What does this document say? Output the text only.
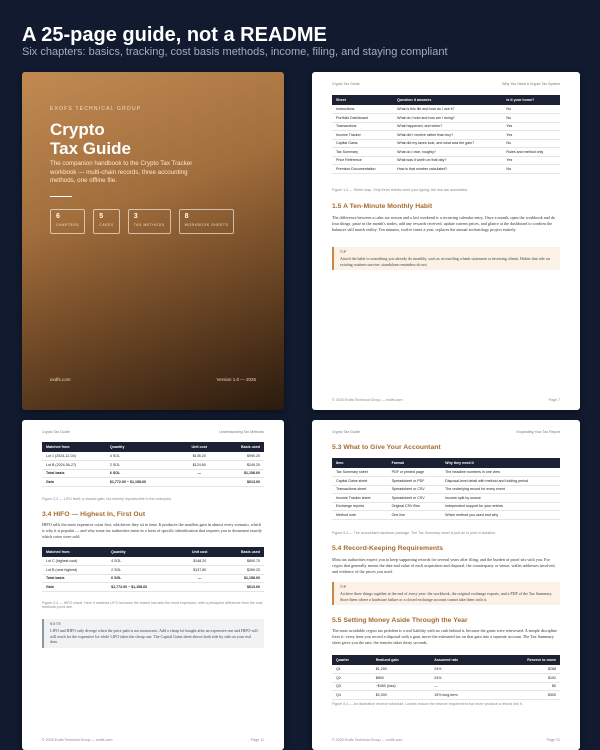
A 25-page guide, not a README
Six chapters: basics, tracking, cost basis methods, income, filing, and staying compliant
EXOFS TECHNICAL GROUP
Crypto
Tax Guide
The companion handbook to the Crypto Tax Tracker workbook — multi-chain records, three accounting methods, one offline file.
6
CHAPTERS
5
CASES
3
TAX METHODS
8
WORKBOOK SHEETS
exdfs.com	Version 1.0 — 2025
Crypto Tax Guide	Why You Need a Crypto Tax System
Sheet	Question it answers	Is it your home?
Instructions	What is this file and how do I use it?	No
Portfolio Dashboard	What do I hold and how am I doing?	No
Transactions	What happened, and when?	Yes
Income Tracker	What did I receive rather than buy?	Yes
Capital Gains	What did my taxes look, and what was the gain?	No
Tax Summary	What do I owe, roughly?	Rules and method only
Price Reference	What was it worth on that day?	Yes
Premium Documentation	How is that number calculated?	No
Figure 1.3 — Sheet map. Only three sheets need your typing; the rest are automated.
1.5 A Ten-Minute Monthly Habit
The difference between a calm tax season and a lost weekend is a recurring calendar entry. Once a month, open the workbook and do four things: paste in the month's trades, add any rewards received, update current prices, and glance at the dashboard to confirm the balances still match reality. Ten minutes, twelve times a year, replaces the annual archaeology project entirely.
TIP
Attach the habit to something you already do monthly, such as reconciling a bank statement or investing clients. Habits that ride on existing routines survive; standalone reminders do not.
© 2026 Exdfs Technical Group — exdfs.com	Page 7
Crypto Tax Guide	Understanding Tax Methods
Matched from	Quantity	Unit cost	Basis used
Lot 1 (2024-12-04)	4 SOL	$145.20	$990.20
Lot B (2024-06-27)	2 SOL	$124.60	$249.20
Total basis	6 SOL	—	$1,158.60
Gain	$1,772.00 − $1,158.60		$613.60
Figure 3.3 — LIFO itself: a chaotic gain, but entirely reproducible in the examples.
3.4 HIFO — Highest In, First Out
HIFO sells the most expensive coins first, whichever they sit in time. It produces the smallest gain in almost every scenario, which is why it is popular — and why some tax authorities insist in a form of specific identification that requires you to document exactly which coins were sold.
Matched from	Quantity	Unit cost	Basis used
Lot C (highest cost)	4 SOL	$148.20	$890.70
Lot B (next highest)	2 SOL	$137.80	$269.20
Total basis	6 SOL	—	$1,158.60
Gain	$1,772.00 − $1,158.60		$613.60
Figure 3.4 — HIFO result. Here it matches LIFO because the lowest lots also the most expensive, with a principled difference from the cost methods you'd see.
NOTE
LIFO and HIFO only diverge when the price path is not monotonic. Add a cheap lot bought after an expensive one and HIFO will still reach for the expensive lot while LIFO takes the cheap one. The Capital Gains sheet shows both side by side on your real data.
© 2026 Exdfs Technical Group — exdfs.com	Page 11
Crypto Tax Guide	Expanding Your Tax Report
5.3 What to Give Your Accountant
Item	Format	Why they need it
Tax Summary sheet	PDF or printed page	The headline numbers in one view
Capital Gains sheet	Spreadsheet or PDF	Disposal-level detail with method and holding period
Transactions sheet	Spreadsheet or CSV	The underlying record for every event
Income Tracker sheet	Spreadsheet or CSV	Income split by source
Exchange reports	Original CSV files	Independent support for your entries
Method note	One line	Which method you used and why
Figure 5.3 — The accountant handover package. The Tax Summary sheet is just an to print in isolation.
5.4 Record-Keeping Requirements
Most tax authorities expect you to keep supporting records for several years after filing, and the burden of proof sits with you. For crypto that generally means the date and value of each acquisition and disposal, the counterparty or venue, wallet addresses involved, and evidence of the prices you used.
TIP
Archive three things together at the end of every year: the workbook, the original exchange exports, and a PDF of the Tax Summary. Store them where a hardware failure or a closed exchange account cannot take them with it.
5.5 Setting Money Aside Through the Year
The most avoidable crypto tax problem is a real liability with no cash behind it, because the gains were reinvested. A simple discipline fixes it: every time you record a disposal with a gain, move the estimated tax on that gain into a separate account. The Tax Summary sheet gives you the rate; the transfer takes thirty seconds.
Quarter	Realized gain	Assumed rate	Reserve to move
Q1	$1,200	24%	$288
Q2	$800	24%	$192
Q3	−$450 (loss)	—	$0
Q4	$2,000	15% long-term	$300
Figure 5.4 — An illustrative reserve schedule. Losses reduce the reserve requirement but never produce a refund into it.
© 2026 Exdfs Technical Group — exdfs.com	Page 31
